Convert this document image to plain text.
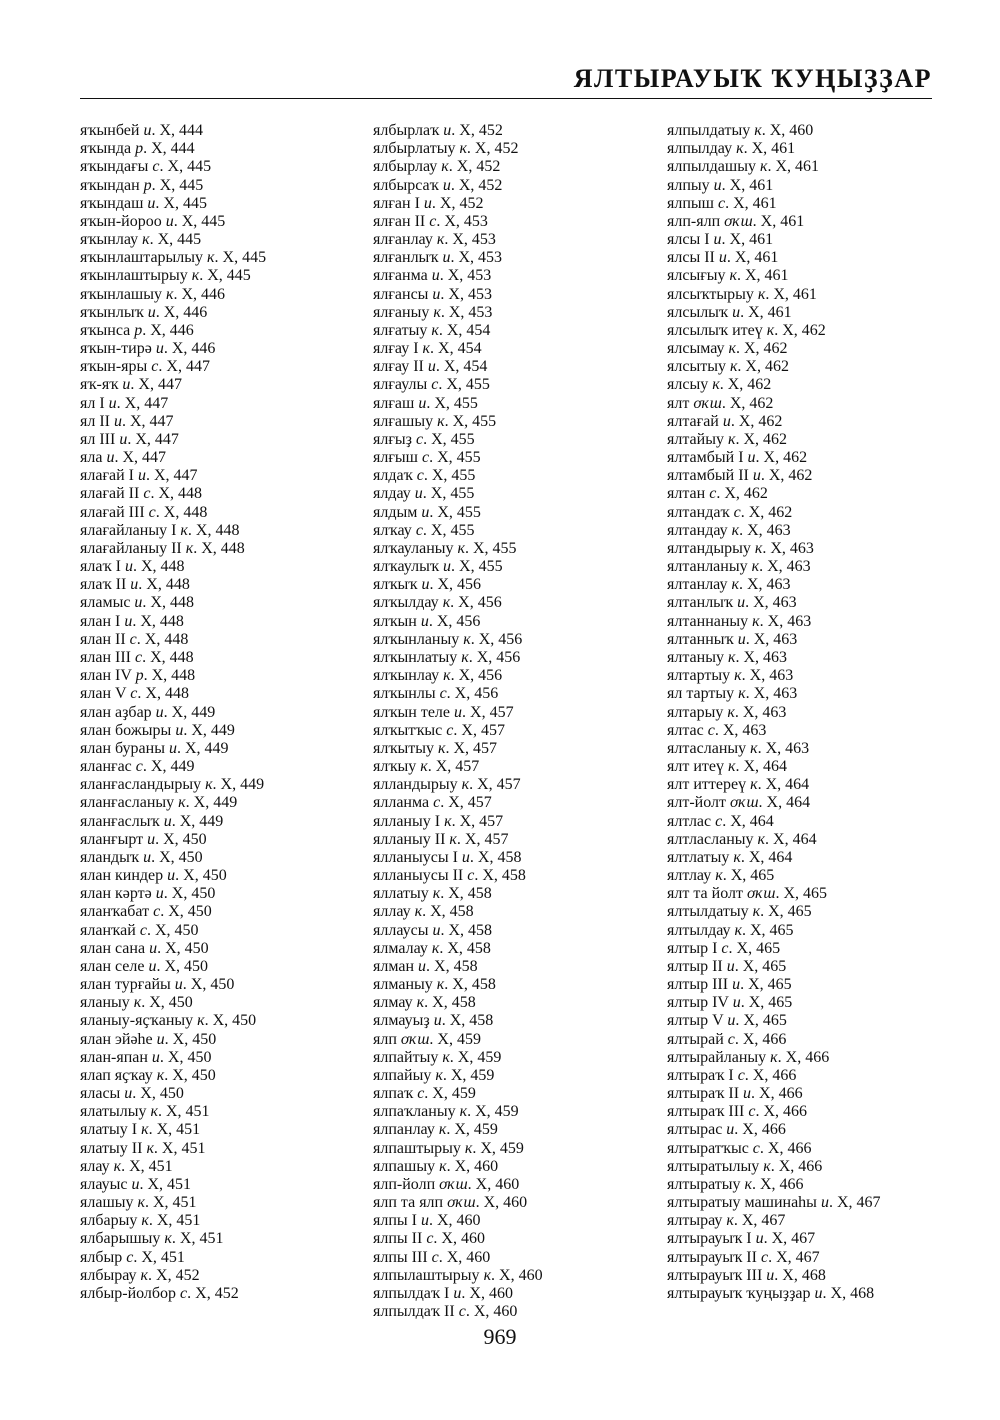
ЯЛТЫРАУЫҠ ҠУҢЫҘҘАР
яҡынбей и. X, 444
яҡында р. X, 444
яҡындағы с. X, 445
яҡындан р. X, 445
яҡындаш и. X, 445
яҡын-йороо и. X, 445
яҡынлау к. X, 445
яҡынлаштарылыу к. X, 445
яҡынлаштырыу к. X, 445
яҡынлашыу к. X, 446
яҡынлыҡ и. X, 446
яҡынса р. X, 446
яҡын-тирә и. X, 446
яҡын-яры с. X, 447
яҡ-яҡ и. X, 447
ял I и. X, 447
ял II и. X, 447
ял III и. X, 447
яла и. X, 447
ялағай I и. X, 447
ялағай II с. X, 448
ялағай III с. X, 448
ялағайланыу I к. X, 448
ялағайланыу II к. X, 448
ялаҡ I и. X, 448
ялаҡ II и. X, 448
яламыс и. X, 448
ялан I и. X, 448
ялан II с. X, 448
ялан III с. X, 448
ялан IV р. X, 448
ялан V с. X, 448
ялан аҙбар и. X, 449
ялан божыры и. X, 449
ялан бураны и. X, 449
яланғас с. X, 449
яланғасландырыу к. X, 449
яланғасланыу к. X, 449
яланғаслыҡ и. X, 449
яланғырт и. X, 450
яландыҡ и. X, 450
ялан киндер и. X, 450
ялан кәртә и. X, 450
яланҡабат с. X, 450
яланҡай с. X, 450
ялан сана и. X, 450
ялан селе и. X, 450
ялан турғайы и. X, 450
яланыу к. X, 450
яланыу-яҫҡаныу к. X, 450
ялан эйәһе и. X, 450
ялан-япан и. X, 450
ялап яҫҡау к. X, 450
яласы и. X, 450
ялатылыу к. X, 451
ялатыу I к. X, 451
ялатыу II к. X, 451
ялау к. X, 451
ялауыс и. X, 451
ялашыу к. X, 451
ялбарыу к. X, 451
ялбарышыу к. X, 451
ялбыр с. X, 451
ялбырау к. X, 452
ялбыр-йолбор с. X, 452
ялбырлаҡ и. X, 452
ялбырлатыу к. X, 452
ялбырлау к. X, 452
ялбырсаҡ и. X, 452
ялған I и. X, 452
ялған II с. X, 453
ялғанлау к. X, 453
ялғанлыҡ и. X, 453
ялғанма и. X, 453
ялғансы и. X, 453
ялғаныу к. X, 453
ялғатыу к. X, 454
ялғау I к. X, 454
ялғау II и. X, 454
ялғаулы с. X, 455
ялғаш и. X, 455
ялғашыу к. X, 455
ялғыҙ с. X, 455
ялғыш с. X, 455
ялдаҡ с. X, 455
ялдау и. X, 455
ялдым и. X, 455
ялҡау с. X, 455
ялҡауланыу к. X, 455
ялҡаулыҡ и. X, 455
ялҡыҡ и. X, 456
ялҡылдау к. X, 456
ялҡын и. X, 456
ялҡынланыу к. X, 456
ялҡынлатыу к. X, 456
ялҡынлау к. X, 456
ялҡынлы с. X, 456
ялҡын теле и. X, 457
ялҡытҡыс с. X, 457
ялҡытыу к. X, 457
ялҡыу к. X, 457
ялландырыу к. X, 457
ялланма с. X, 457
ялланыу I к. X, 457
ялланыу II к. X, 457
ялланыусы I и. X, 458
ялланыусы II с. X, 458
яллатыу к. X, 458
яллау к. X, 458
яллаусы и. X, 458
ялмалау к. X, 458
ялман и. X, 458
ялманыу к. X, 458
ялмау к. X, 458
ялмауыҙ и. X, 458
ялп оҡш. X, 459
ялпайтыу к. X, 459
ялпайыу к. X, 459
ялпаҡ с. X, 459
ялпаҡланыу к. X, 459
ялпанлау к. X, 459
ялпаштырыу к. X, 459
ялпашыу к. X, 460
ялп-йолп оҡш. X, 460
ялп та ялп оҡш. X, 460
ялпы I и. X, 460
ялпы II с. X, 460
ялпы III с. X, 460
ялпылаштырыу к. X, 460
ялпылдаҡ I и. X, 460
ялпылдаҡ II с. X, 460
ялпылдатыу к. X, 460
ялпылдау к. X, 461
ялпылдашыу к. X, 461
ялпыу и. X, 461
ялпыш с. X, 461
ялп-ялп оҡш. X, 461
ялсы I и. X, 461
ялсы II и. X, 461
ялсығыу к. X, 461
ялсыҡтырыу к. X, 461
ялсылыҡ и. X, 461
ялсылыҡ итеү к. X, 462
ялсымау к. X, 462
ялсытыу к. X, 462
ялсыу к. X, 462
ялт оҡш. X, 462
ялтағай и. X, 462
ялтайыу к. X, 462
ялтамбый I и. X, 462
ялтамбый II и. X, 462
ялтан с. X, 462
ялтандаҡ с. X, 462
ялтандау к. X, 463
ялтандырыу к. X, 463
ялтанланыу к. X, 463
ялтанлау к. X, 463
ялтанлыҡ и. X, 463
ялтаннаныу к. X, 463
ялтанныҡ и. X, 463
ялтаныу к. X, 463
ялтартыу к. X, 463
ял тартыу к. X, 463
ялтарыу к. X, 463
ялтас с. X, 463
ялтасланыу к. X, 463
ялт итеү к. X, 464
ялт иттереү к. X, 464
ялт-йолт оҡш. X, 464
ялтлас с. X, 464
ялтласланыу к. X, 464
ялтлатыу к. X, 464
ялтлау к. X, 465
ялт та йолт оҡш. X, 465
ялтылдатыу к. X, 465
ялтылдау к. X, 465
ялтыр I с. X, 465
ялтыр II и. X, 465
ялтыр III и. X, 465
ялтыр IV и. X, 465
ялтыр V и. X, 465
ялтырай с. X, 466
ялтырайланыу к. X, 466
ялтыраҡ I с. X, 466
ялтыраҡ II и. X, 466
ялтыраҡ III с. X, 466
ялтырас и. X, 466
ялтыратҡыс с. X, 466
ялтыратылыу к. X, 466
ялтыратыу к. X, 466
ялтыратыу машинаһы и. X, 467
ялтырау к. X, 467
ялтырауыҡ I и. X, 467
ялтырауыҡ II с. X, 467
ялтырауыҡ III и. X, 468
ялтырауыҡ ҡуңыҙҙар и. X, 468
969
